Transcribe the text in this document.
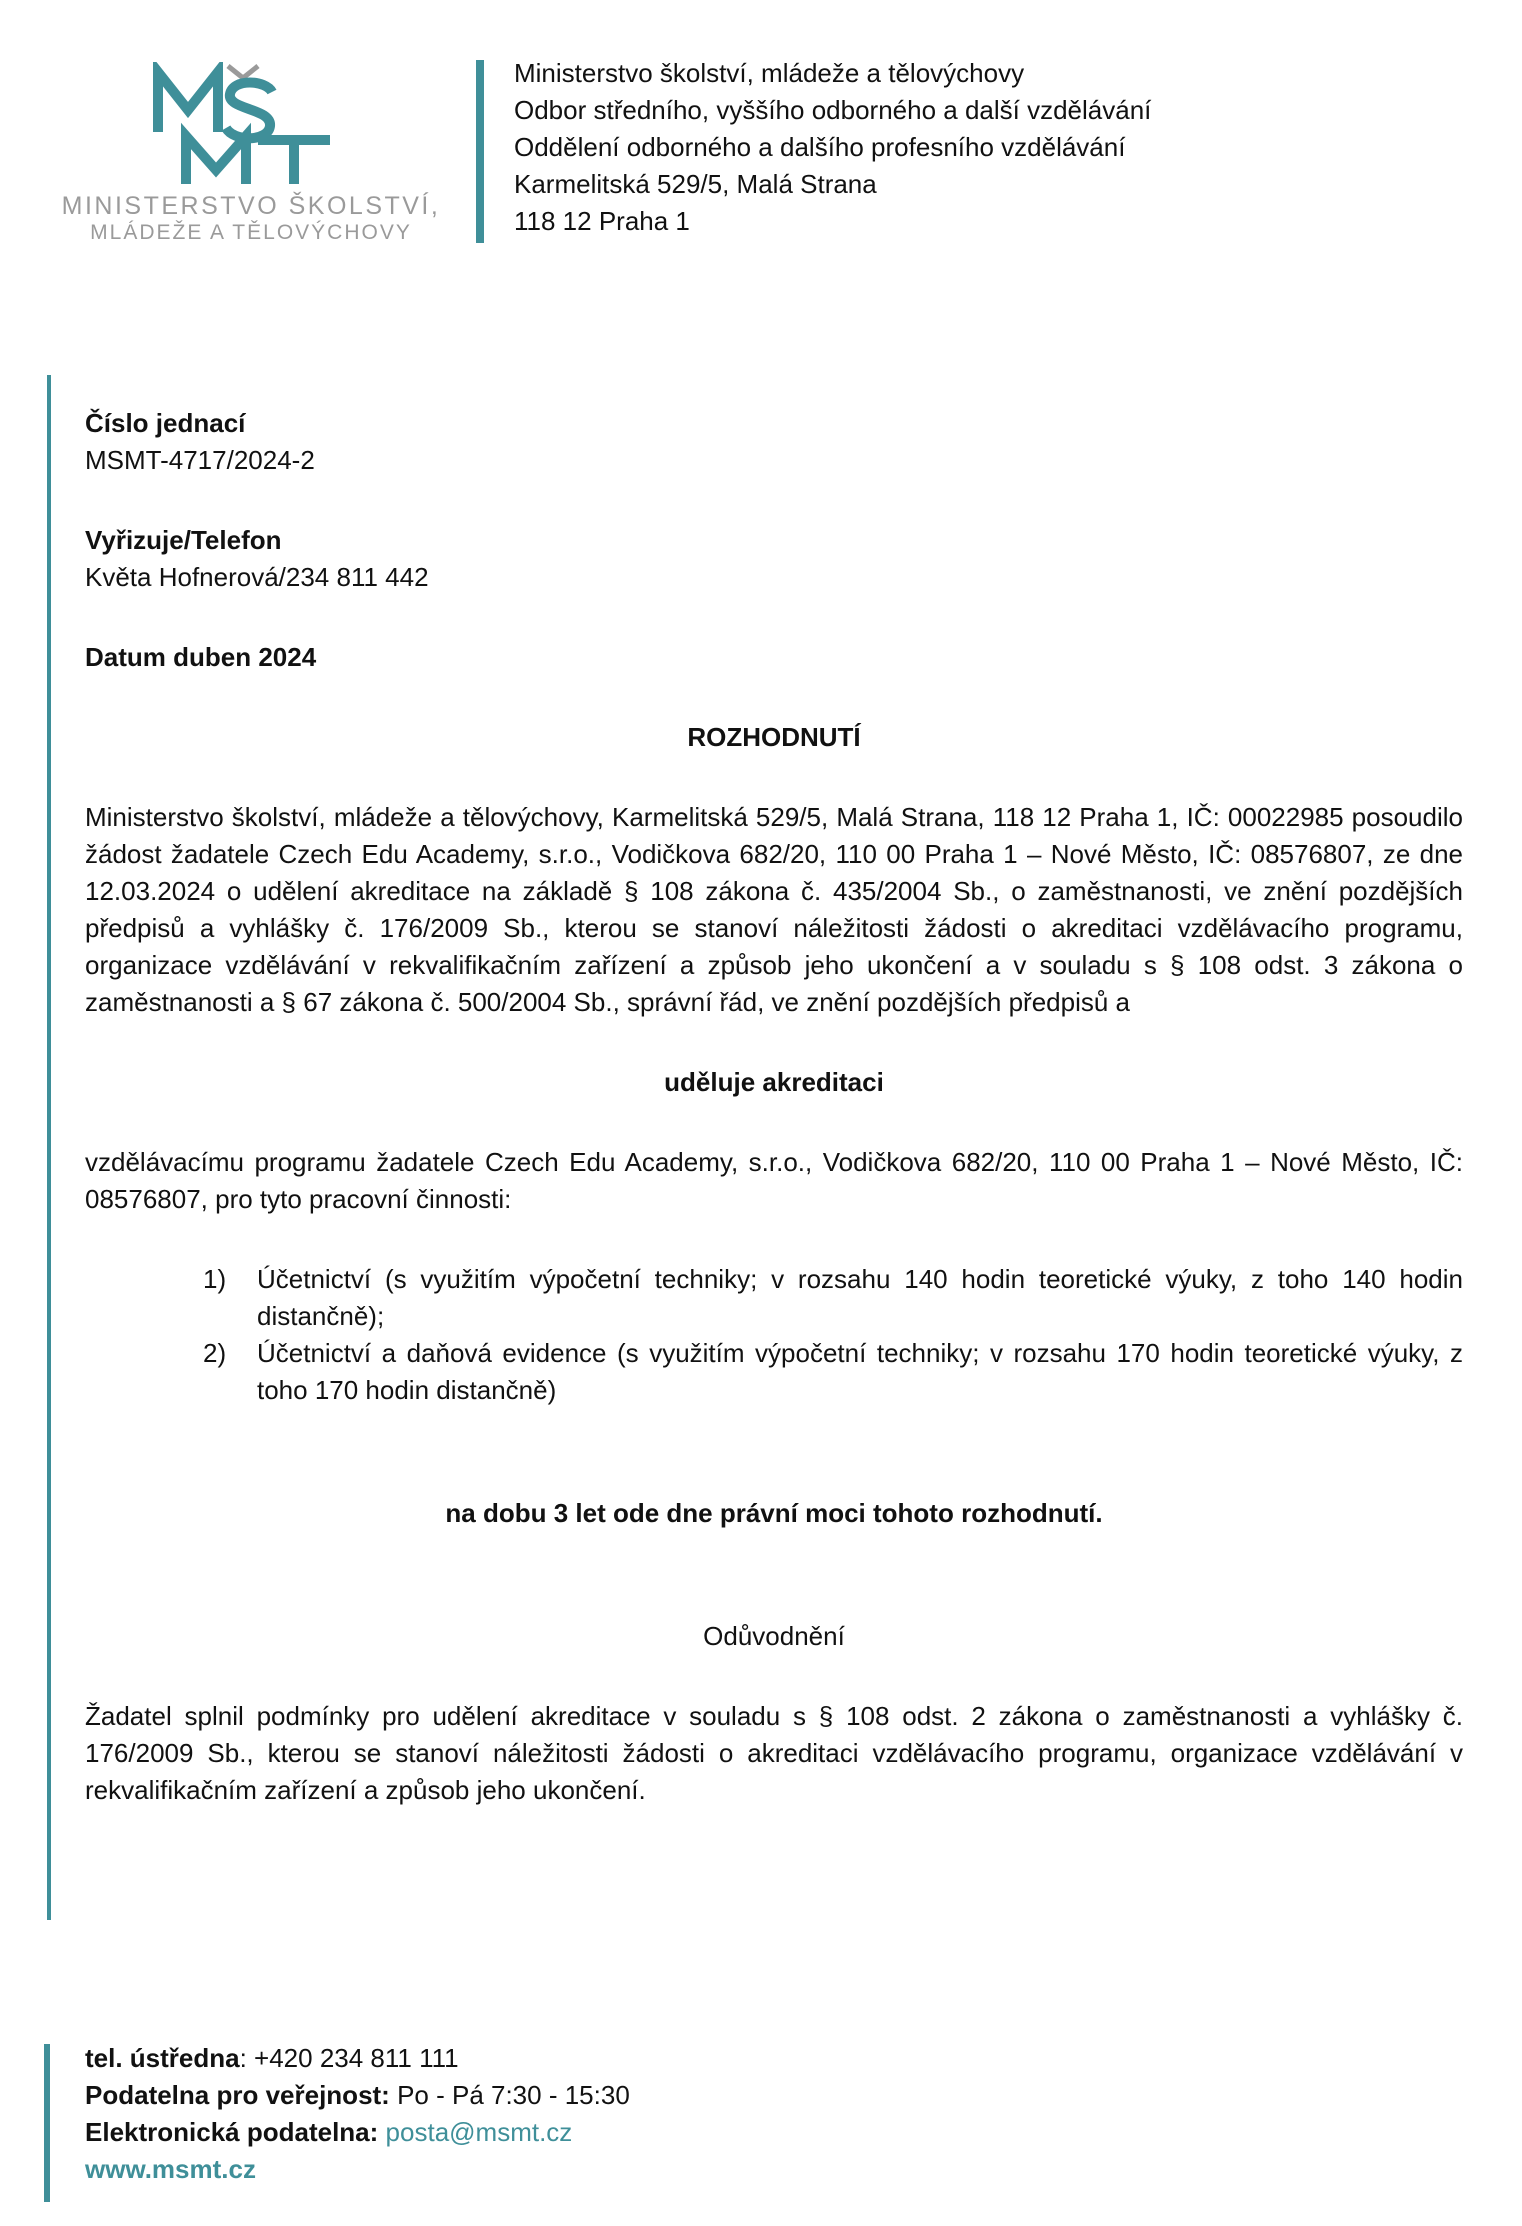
MINISTERSTVO ŠKOLSTVÍ,
MLÁDEŽE A TĚLOVÝCHOVY
Ministerstvo školství, mládeže a tělovýchovy
Odbor středního, vyššího odborného a další vzdělávání
Oddělení odborného a dalšího profesního vzdělávání
Karmelitská 529/5, Malá Strana
118 12 Praha 1

Číslo jednací

MSMT-4717/2024-2

Vyřizuje/Telefon

Květa Hofnerová/234 811 442

Datum duben 2024

ROZHODNUTÍ

Ministerstvo školství, mládeže a tělovýchovy, Karmelitská 529/5, Malá Strana, 118 12 Praha 1, IČ: 00022985 posoudilo žádost žadatele Czech Edu Academy, s.r.o., Vodičkova 682/20, 110 00 Praha 1 – Nové Město, IČ: 08576807, ze dne 12.03.2024 o udělení akreditace na základě § 108 zákona č. 435/2004 Sb., o zaměstnanosti, ve znění pozdějších předpisů a vyhlášky č. 176/2009 Sb., kterou se stanoví náležitosti žádosti o akreditaci vzdělávacího programu, organizace vzdělávání v rekvalifikačním zařízení a způsob jeho ukončení a v souladu s § 108 odst. 3 zákona o zaměstnanosti a § 67 zákona č. 500/2004 Sb., správní řád, ve znění pozdějších předpisů a

uděluje akreditaci

vzdělávacímu programu žadatele Czech Edu Academy, s.r.o., Vodičkova 682/20, 110 00 Praha 1 – Nové Město, IČ: 08576807, pro tyto pracovní činnosti:

1) Účetnictví (s využitím výpočetní techniky; v rozsahu 140 hodin teoretické výuky, z toho 140 hodin distančně);
2) Účetnictví a daňová evidence (s využitím výpočetní techniky; v rozsahu 170 hodin teoretické výuky, z toho 170 hodin distančně)

na dobu 3 let ode dne právní moci tohoto rozhodnutí.

Odůvodnění

Žadatel splnil podmínky pro udělení akreditace v souladu s § 108 odst. 2 zákona o zaměstnanosti a vyhlášky č. 176/2009 Sb., kterou se stanoví náležitosti žádosti o akreditaci vzdělávacího programu, organizace vzdělávání v rekvalifikačním zařízení a způsob jeho ukončení.

tel. ústředna: +420 234 811 111
Podatelna pro veřejnost: Po - Pá 7:30 - 15:30
Elektronická podatelna: posta@msmt.cz
www.msmt.cz
